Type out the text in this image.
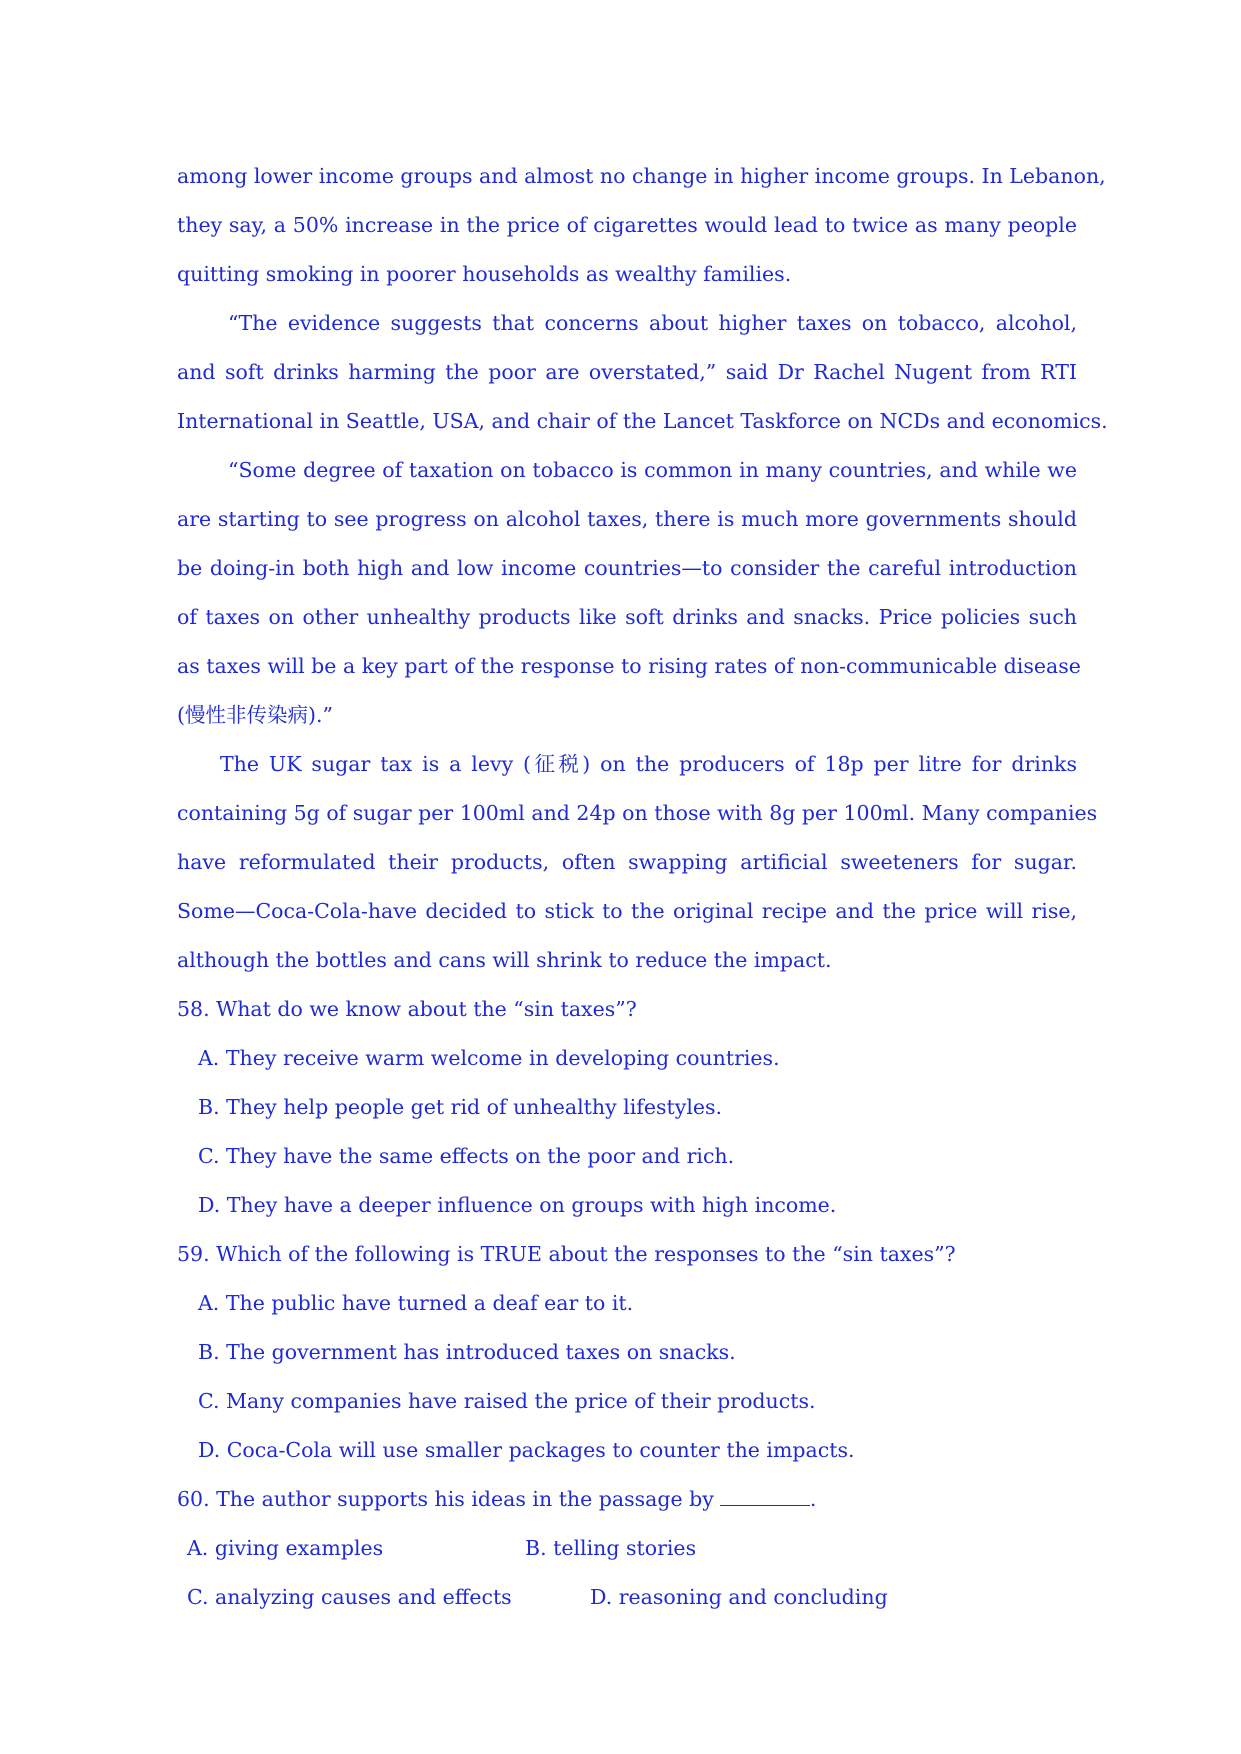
among lower income groups and almost no change in higher income groups. In Lebanon,
they say, a 50% increase in the price of cigarettes would lead to twice as many people
quitting smoking in poorer households as wealthy families.
“The evidence suggests that concerns about higher taxes on tobacco, alcohol,
and soft drinks harming the poor are overstated,” said Dr Rachel Nugent from RTI
International in Seattle, USA, and chair of the Lancet Taskforce on NCDs and economics.
“Some degree of taxation on tobacco is common in many countries, and while we
are starting to see progress on alcohol taxes, there is much more governments should
be doing-in both high and low income countries—to consider the careful introduction
of taxes on other unhealthy products like soft drinks and snacks. Price policies such
as taxes will be a key part of the response to rising rates of non-communicable disease
(慢性非传染病).”
The UK sugar tax is a levy (征税) on the producers of 18p per litre for drinks
containing 5g of sugar per 100ml and 24p on those with 8g per 100ml. Many companies
have reformulated their products, often swapping artificial sweeteners for sugar.
Some—Coca-Cola-have decided to stick to the original recipe and the price will rise,
although the bottles and cans will shrink to reduce the impact.
58. What do we know about the “sin taxes”?
A. They receive warm welcome in developing countries.
B. They help people get rid of unhealthy lifestyles.
C. They have the same effects on the poor and rich.
D. They have a deeper influence on groups with high income.
59. Which of the following is TRUE about the responses to the “sin taxes”?
A. The public have turned a deaf ear to it.
B. The government has introduced taxes on snacks.
C. Many companies have raised the price of their products.
D. Coca-Cola will use smaller packages to counter the impacts.
60. The author supports his ideas in the passage by	.
A. giving examples	B. telling stories
C. analyzing causes and effects	D. reasoning and concluding
